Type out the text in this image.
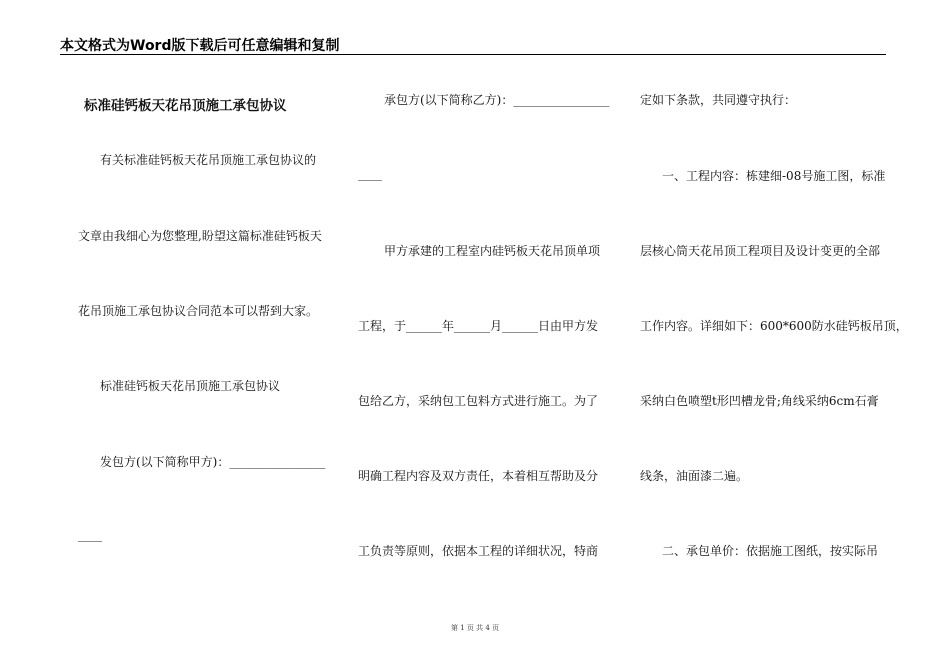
本文格式为Word版下载后可任意编辑和复制
标准硅钙板天花吊顶施工承包协议
有关标准硅钙板天花吊顶施工承包协议的
文章由我细心为您整理,盼望这篇标准硅钙板天
花吊顶施工承包协议合同范本可以帮到大家。
标准硅钙板天花吊顶施工承包协议
发包方(以下简称甲方)：________________
____
承包方(以下简称乙方)：________________
____
甲方承建的工程室内硅钙板天花吊顶单项
工程，于______年______月______日由甲方发
包给乙方，采纳包工包料方式进行施工。为了
明确工程内容及双方责任，本着相互帮助及分
工负责等原则，依据本工程的详细状况，特商
定如下条款，共同遵守执行：
一、工程内容：栋建细-08号施工图，标准
层核心筒天花吊顶工程项目及设计变更的全部
工作内容。详细如下：600*600防水硅钙板吊顶，
采纳白色喷塑t形凹槽龙骨;角线采纳6cm石膏
线条，油面漆二遍。
二、承包单价：依据施工图纸，按实际吊
第 1 页 共 4 页
